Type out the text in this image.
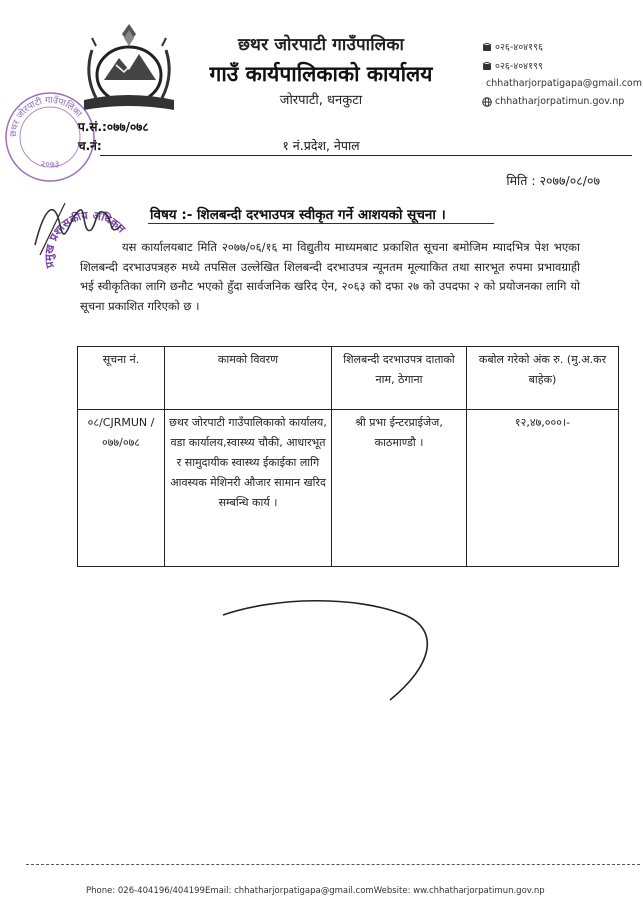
छथर जोरपाटी गाउँपालिका
गाउँ कार्यपालिकाको कार्यालय
जोरपाटी, धनकुटा
०२६-४०४१९६
०२६-४०४१९९
chhatharjorpatigapa@gmail.com
chhatharjorpatimun.gov.np
छथर जोरपाटी गाउँपालिका
२०७३
प.सं.:०७७/०७८
च.नं:	१ नं.प्रदेश, नेपाल
मिति : २०७७/०८/०७
विषय :- शिलबन्दी दरभाउपत्र स्वीकृत गर्ने आशयको सूचना ।
यस कार्यालयबाट मिति २०७७/०६/१६ मा विद्युतीय माध्यमबाट प्रकाशित सूचना बमोजिम म्यादभित्र पेश भएका शिलबन्दी दरभाउपत्रहरु मध्ये तपसिल उल्लेखित शिलबन्दी दरभाउपत्र न्यूनतम मूल्याकित तथा सारभूत रुपमा प्रभावग्राही भई स्वीकृतिका लागि छनौट भएको हुँदा सार्वजनिक खरिद ऐन, २०६३ को दफा २७ को उपदफा २ को प्रयोजनका लागि यो सूचना प्रकाशित गरिएको छ ।
प्रमुख प्रशासकीय अधिकृत
सूचना नं.	कामको विवरण	शिलबन्दी दरभाउपत्र दाताको नाम, ठेगाना	कबोल गरेको अंक रु. (मु.अ.कर बाहेक)
०८/CJRMUN /०७७/०७८	छथर जोरपाटी गाउँपालिकाको कार्यालय, वडा कार्यालय,स्वास्थ्य चौकी, आधारभूत र सामुदायीक स्वास्थ्य ईकाईका लागि आवस्यक मेशिनरी औजार सामान खरिद सम्बन्धि कार्य ।	श्री प्रभा ईन्टरप्राईजेज, काठमाण्डौ ।	१२,४७,०००।-
Phone: 026-404196/404199Email: chhatharjorpatigapa@gmail.comWebsite: ww.chhatharjorpatimun.gov.np
